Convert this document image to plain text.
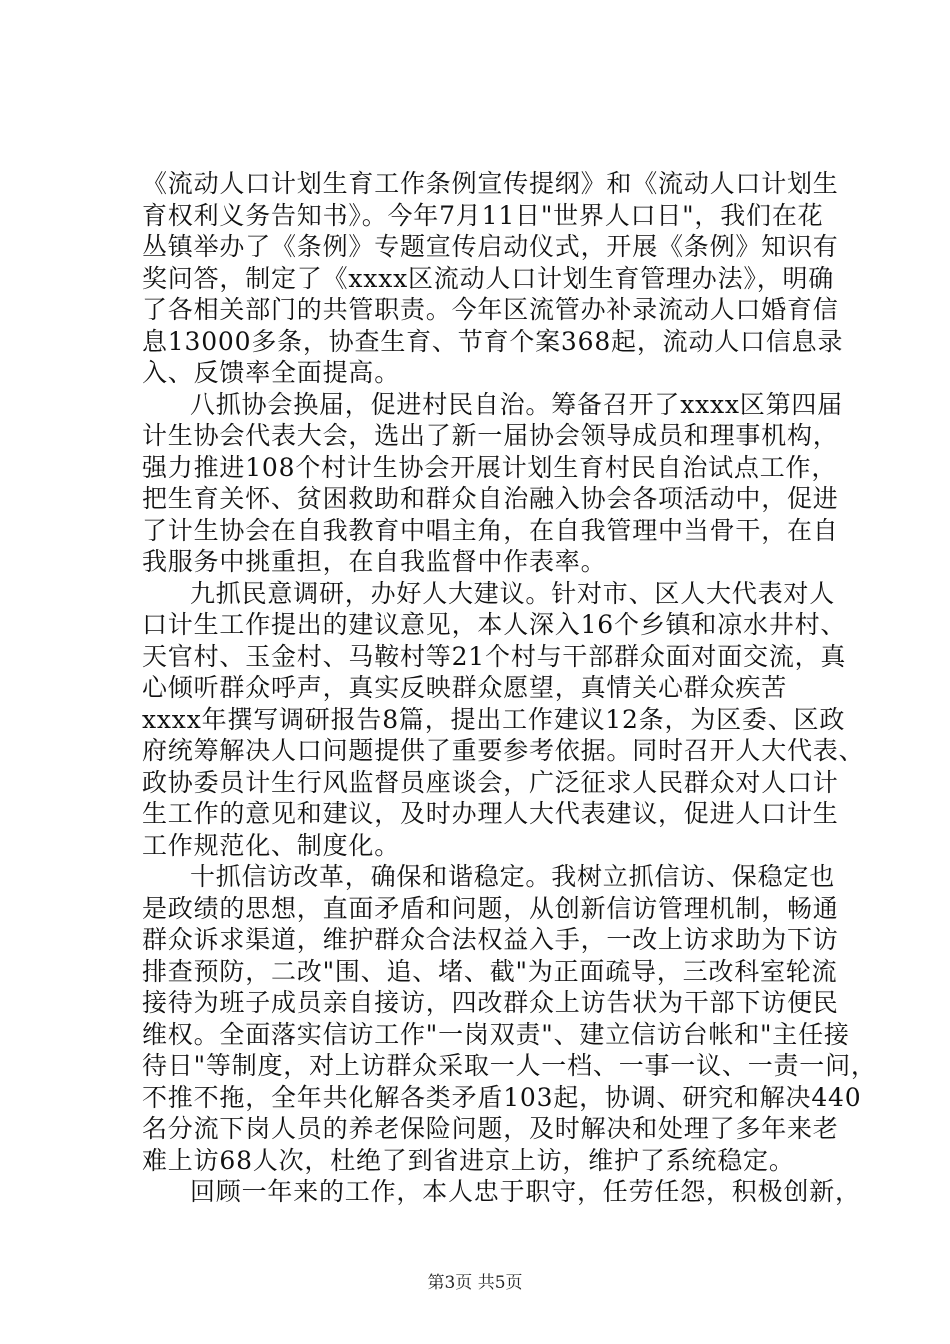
《流动人口计划生育工作条例宣传提纲》和《流动人口计划生
育权利义务告知书》。今年7月11日"世界人口日"，我们在花
丛镇举办了《条例》专题宣传启动仪式，开展《条例》知识有
奖问答，制定了《xxxx区流动人口计划生育管理办法》，明确
了各相关部门的共管职责。今年区流管办补录流动人口婚育信
息13000多条，协查生育、节育个案368起，流动人口信息录
入、反馈率全面提高。
八抓协会换届，促进村民自治。筹备召开了xxxx区第四届
计生协会代表大会，选出了新一届协会领导成员和理事机构，
强力推进108个村计生协会开展计划生育村民自治试点工作，
把生育关怀、贫困救助和群众自治融入协会各项活动中，促进
了计生协会在自我教育中唱主角，在自我管理中当骨干，在自
我服务中挑重担，在自我监督中作表率。
九抓民意调研，办好人大建议。针对市、区人大代表对人
口计生工作提出的建议意见，本人深入16个乡镇和凉水井村、
天官村、玉金村、马鞍村等21个村与干部群众面对面交流，真
心倾听群众呼声，真实反映群众愿望，真情关心群众疾苦
xxxx年撰写调研报告8篇，提出工作建议12条，为区委、区政
府统筹解决人口问题提供了重要参考依据。同时召开人大代表、
政协委员计生行风监督员座谈会，广泛征求人民群众对人口计
生工作的意见和建议，及时办理人大代表建议，促进人口计生
工作规范化、制度化。
十抓信访改革，确保和谐稳定。我树立抓信访、保稳定也
是政绩的思想，直面矛盾和问题，从创新信访管理机制，畅通
群众诉求渠道，维护群众合法权益入手，一改上访求助为下访
排查预防，二改"围、追、堵、截"为正面疏导，三改科室轮流
接待为班子成员亲自接访，四改群众上访告状为干部下访便民
维权。全面落实信访工作"一岗双责"、建立信访台帐和"主任接
待日"等制度，对上访群众采取一人一档、一事一议、一责一问，
不推不拖，全年共化解各类矛盾103起，协调、研究和解决440
名分流下岗人员的养老保险问题，及时解决和处理了多年来老
难上访68人次，杜绝了到省进京上访，维护了系统稳定。
回顾一年来的工作，本人忠于职守，任劳任怨，积极创新，
第3页 共5页
